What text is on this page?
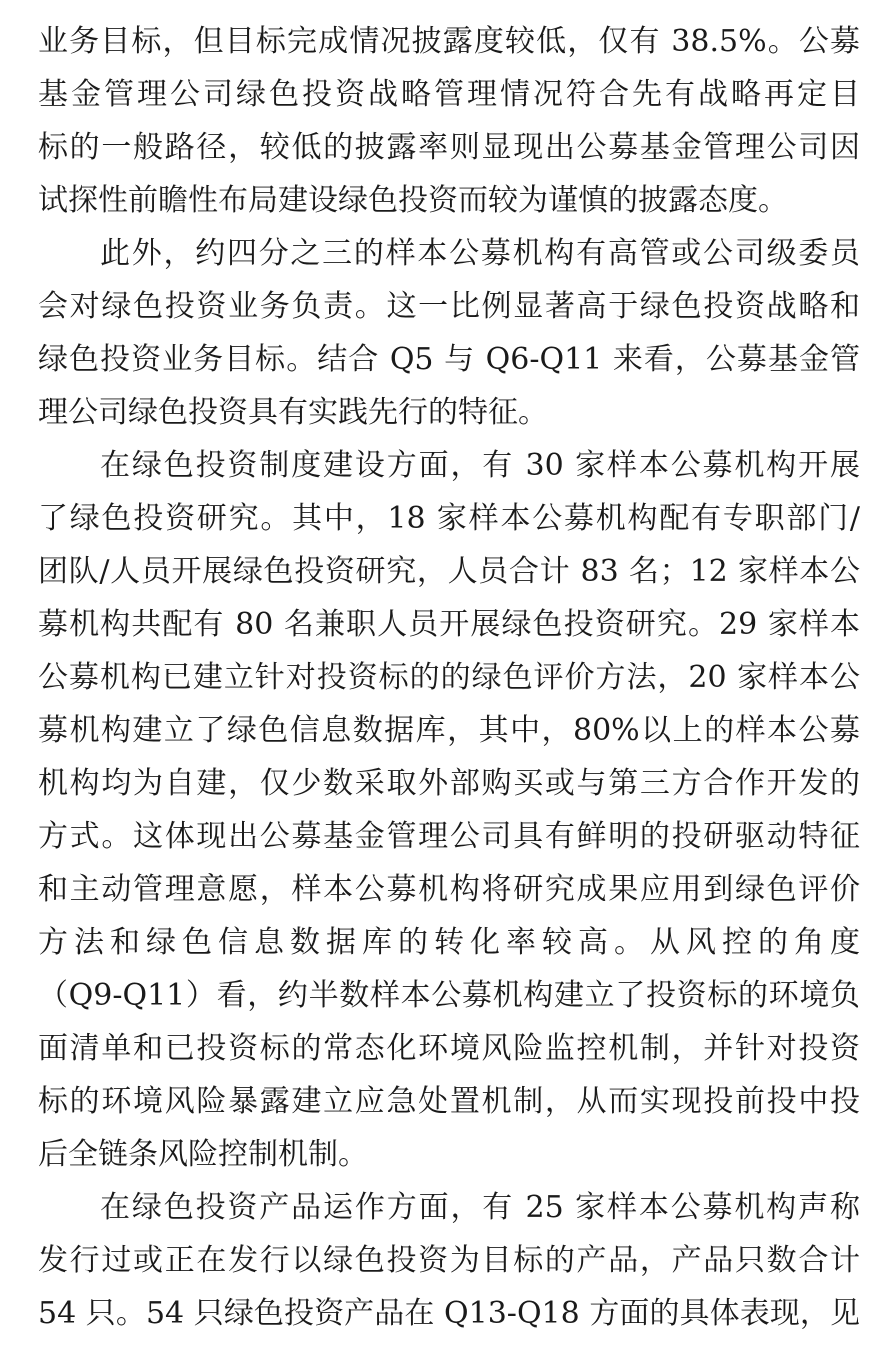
业务目标，但目标完成情况披露度较低，仅有 38.5%。公募
基金管理公司绿色投资战略管理情况符合先有战略再定目
标的一般路径，较低的披露率则显现出公募基金管理公司因
试探性前瞻性布局建设绿色投资而较为谨慎的披露态度。
此外，约四分之三的样本公募机构有高管或公司级委员
会对绿色投资业务负责。这一比例显著高于绿色投资战略和
绿色投资业务目标。结合 Q5 与 Q6-Q11 来看，公募基金管
理公司绿色投资具有实践先行的特征。
在绿色投资制度建设方面，有 30 家样本公募机构开展
了绿色投资研究。其中，18 家样本公募机构配有专职部门/
团队/人员开展绿色投资研究，人员合计 83 名；12 家样本公
募机构共配有 80 名兼职人员开展绿色投资研究。29 家样本
公募机构已建立针对投资标的的绿色评价方法，20 家样本公
募机构建立了绿色信息数据库，其中，80%以上的样本公募
机构均为自建，仅少数采取外部购买或与第三方合作开发的
方式。这体现出公募基金管理公司具有鲜明的投研驱动特征
和主动管理意愿，样本公募机构将研究成果应用到绿色评价
方法和绿色信息数据库的转化率较高。从风控的角度
（Q9-Q11）看，约半数样本公募机构建立了投资标的环境负
面清单和已投资标的常态化环境风险监控机制，并针对投资
标的环境风险暴露建立应急处置机制，从而实现投前投中投
后全链条风险控制机制。
在绿色投资产品运作方面，有 25 家样本公募机构声称
发行过或正在发行以绿色投资为目标的产品，产品只数合计
54 只。54 只绿色投资产品在 Q13-Q18 方面的具体表现，见
